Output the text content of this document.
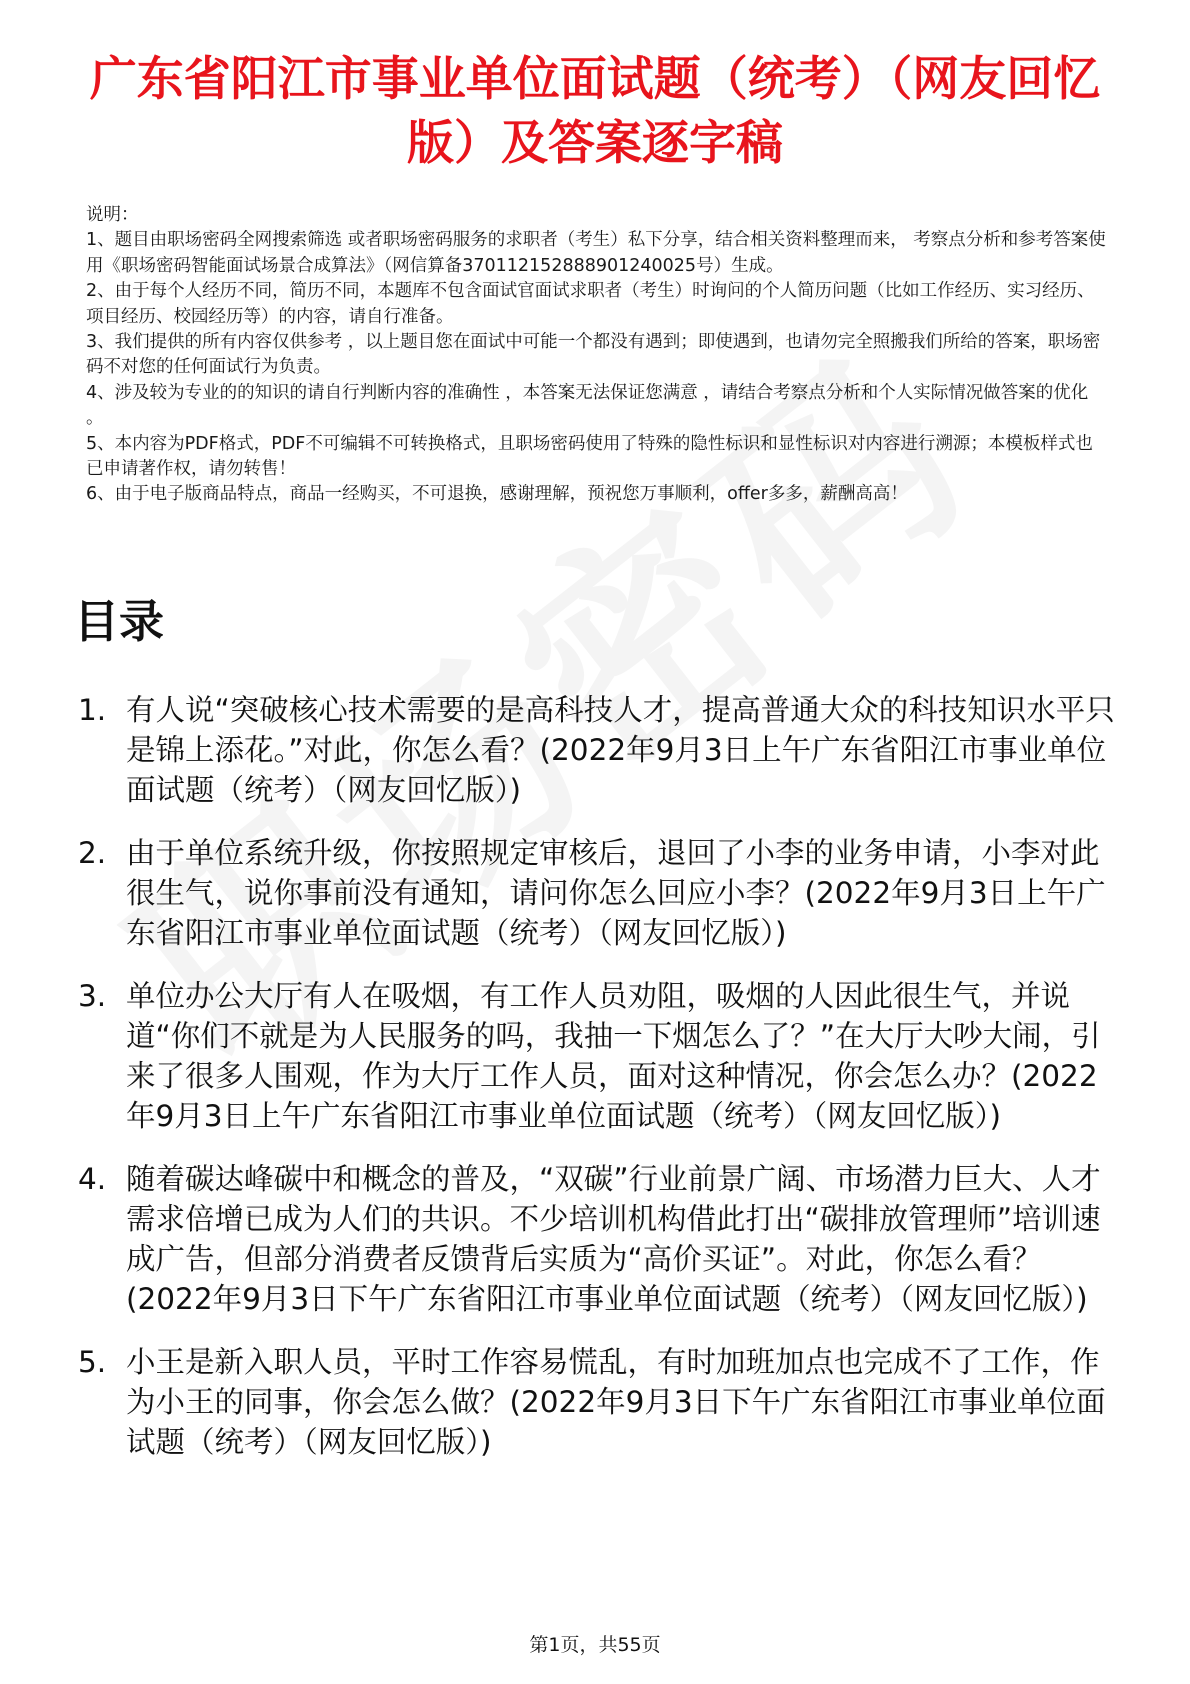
广东省阳江市事业单位面试题（统考）（网友回忆版）及答案逐字稿

说明：

1、题目由职场密码全网搜索筛选 或者职场密码服务的求职者（考生）私下分享，结合相关资料整理而来， 考察点分析和参考答案使用《职场密码智能面试场景合成算法》（网信算备370112152888901240025号）生成。

2、由于每个人经历不同，简历不同，本题库不包含面试官面试求职者（考生）时询问的个人简历问题（比如工作经历、实习经历、项目经历、校园经历等）的内容，请自行准备。

3、我们提供的所有内容仅供参考 ，以上题目您在面试中可能一个都没有遇到；即使遇到，也请勿完全照搬我们所给的答案，职场密码不对您的任何面试行为负责。

4、涉及较为专业的的知识的请自行判断内容的准确性 ，本答案无法保证您满意 ，请结合考察点分析和个人实际情况做答案的优化 。

5、本内容为PDF格式，PDF不可编辑不可转换格式，且职场密码使用了特殊的隐性标识和显性标识对内容进行溯源；本模板样式也已申请著作权，请勿转售！

6、由于电子版商品特点，商品一经购买，不可退换，感谢理解，预祝您万事顺利，offer多多，薪酬高高！

目录
1. 有人说“突破核心技术需要的是高科技人才，提高普通大众的科技知识水平只是锦上添花。”对此，你怎么看？(2022年9月3日上午广东省阳江市事业单位面试题（统考）（网友回忆版）)
2. 由于单位系统升级，你按照规定审核后，退回了小李的业务申请，小李对此很生气，说你事前没有通知，请问你怎么回应小李？(2022年9月3日上午广东省阳江市事业单位面试题（统考）（网友回忆版）)
3. 单位办公大厅有人在吸烟，有工作人员劝阻，吸烟的人因此很生气，并说道“你们不就是为人民服务的吗，我抽一下烟怎么了？”在大厅大吵大闹，引来了很多人围观，作为大厅工作人员，面对这种情况，你会怎么办？(2022年9月3日上午广东省阳江市事业单位面试题（统考）（网友回忆版）)
4. 随着碳达峰碳中和概念的普及，“双碳”行业前景广阔、市场潜力巨大、人才需求倍增已成为人们的共识。不少培训机构借此打出“碳排放管理师”培训速成广告，但部分消费者反馈背后实质为“高价买证”。对此，你怎么看？(2022年9月3日下午广东省阳江市事业单位面试题（统考）（网友回忆版）)
5. 小王是新入职人员，平时工作容易慌乱，有时加班加点也完成不了工作，作为小王的同事，你会怎么做？(2022年9月3日下午广东省阳江市事业单位面试题（统考）（网友回忆版）)
第1页，共55页
